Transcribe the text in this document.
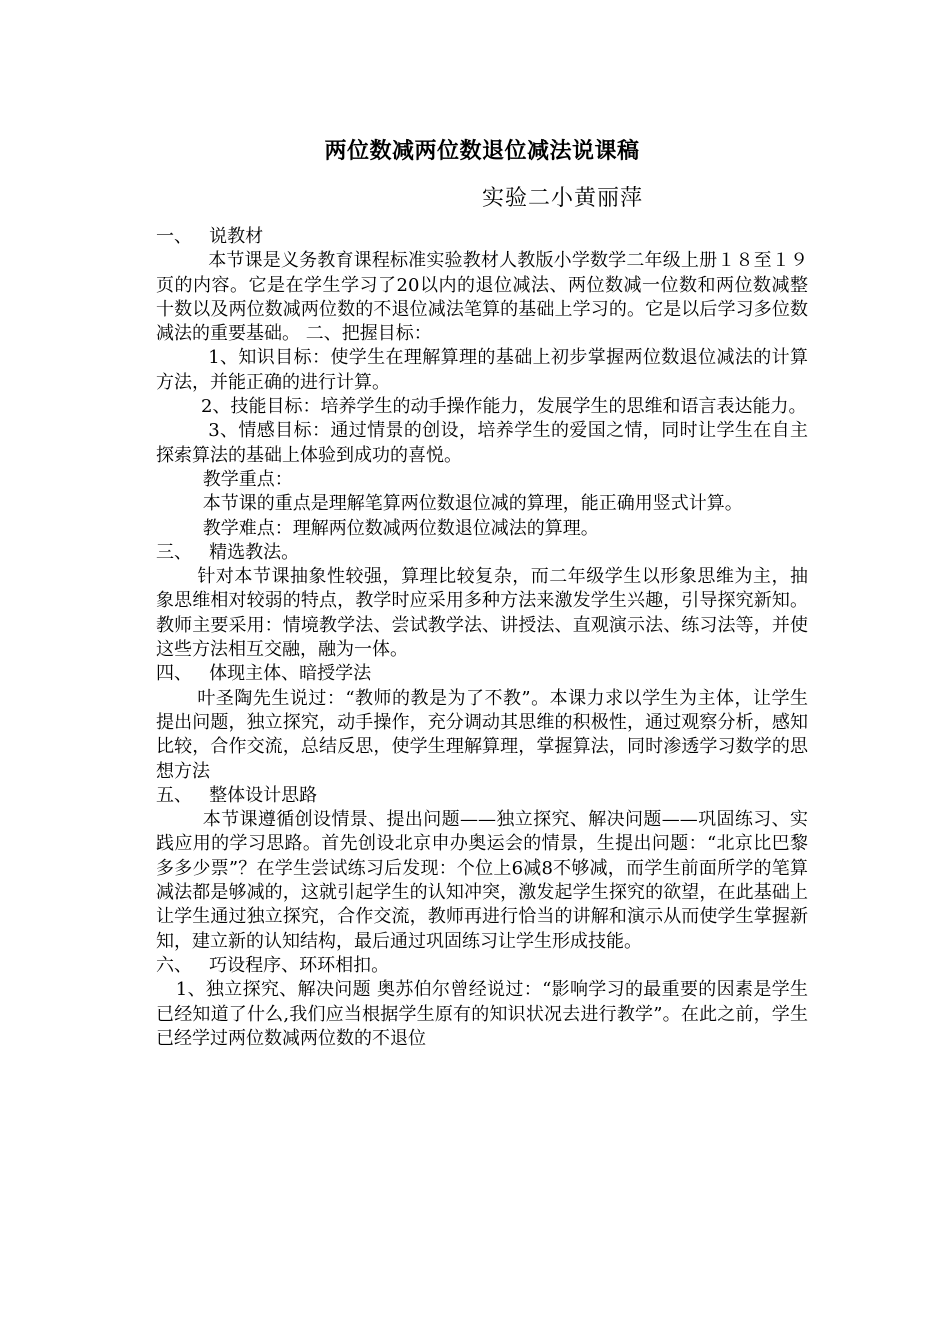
两位数减两位数退位减法说课稿

实验二小黄丽萍

一、   说教材

本节课是义务教育课程标准实验教材人教版小学数学二年级上册１８至１９页的内容。它是在学生学习了20以内的退位减法、两位数减一位数和两位数减整十数以及两位数减两位数的不退位减法笔算的基础上学习的。它是以后学习多位数减法的重要基础。 二、把握目标：

1、知识目标：使学生在理解算理的基础上初步掌握两位数退位减法的计算方法，并能正确的进行计算。

2、技能目标：培养学生的动手操作能力，发展学生的思维和语言表达能力。

3、情感目标：通过情景的创设，培养学生的爱国之情，同时让学生在自主探索算法的基础上体验到成功的喜悦。

教学重点：

本节课的重点是理解笔算两位数退位减的算理，能正确用竖式计算。

教学难点：理解两位数减两位数退位减法的算理。

三、   精选教法。

针对本节课抽象性较强，算理比较复杂，而二年级学生以形象思维为主，抽象思维相对较弱的特点，教学时应采用多种方法来激发学生兴趣，引导探究新知。教师主要采用：情境教学法、尝试教学法、讲授法、直观演示法、练习法等，并使这些方法相互交融，融为一体。

四、   体现主体、暗授学法

叶圣陶先生说过：“教师的教是为了不教”。本课力求以学生为主体，让学生提出问题，独立探究，动手操作，充分调动其思维的积极性，通过观察分析，感知比较，合作交流，总结反思，使学生理解算理，掌握算法，同时渗透学习数学的思想方法

五、   整体设计思路

本节课遵循创设情景、提出问题——独立探究、解决问题——巩固练习、实践应用的学习思路。首先创设北京申办奥运会的情景，生提出问题：“北京比巴黎多多少票”？在学生尝试练习后发现：个位上6减8不够减，而学生前面所学的笔算减法都是够减的，这就引起学生的认知冲突，激发起学生探究的欲望，在此基础上让学生通过独立探究，合作交流，教师再进行恰当的讲解和演示从而使学生掌握新知，建立新的认知结构，最后通过巩固练习让学生形成技能。

六、   巧设程序、环环相扣。

1、独立探究、解决问题 奥苏伯尔曾经说过：“影响学习的最重要的因素是学生已经知道了什么,我们应当根据学生原有的知识状况去进行教学”。在此之前，学生已经学过两位数减两位数的不退位
